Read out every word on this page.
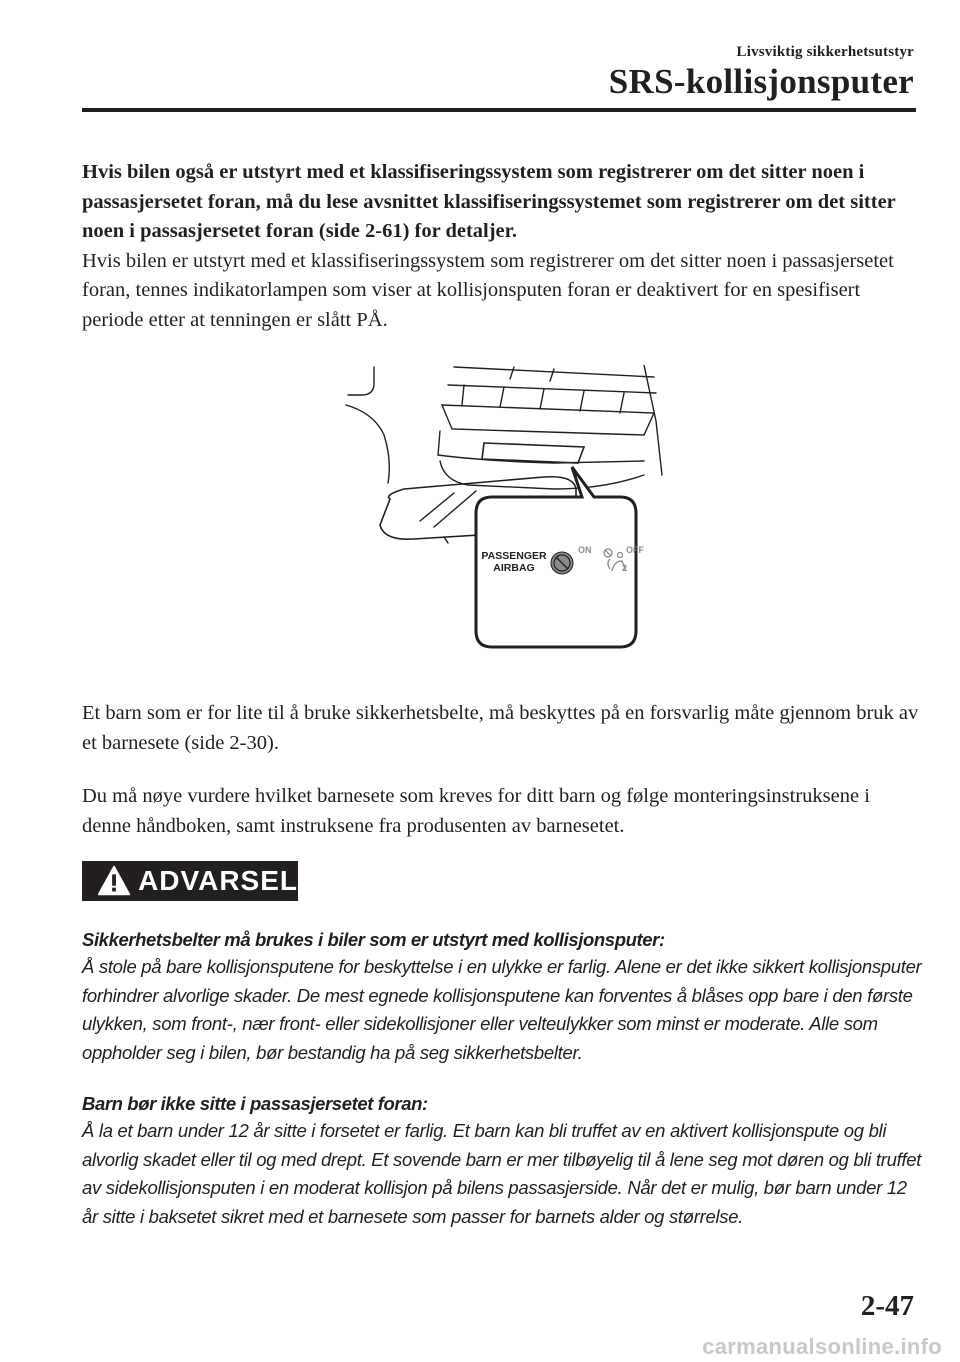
Livsviktig sikkerhetsutstyr
SRS-kollisjonsputer

Hvis bilen også er utstyrt med et klassifiseringssystem som registrerer om det sitter noen i passasjersetet foran, må du lese avsnittet klassifiseringssystemet som registrerer om det sitter noen i passasjersetet foran (side 2-61) for detaljer.

Hvis bilen er utstyrt med et klassifiseringssystem som registrerer om det sitter noen i passasjersetet foran, tennes indikatorlampen som viser at kollisjonsputen foran er deaktivert for en spesifisert periode etter at tenningen er slått PÅ.

PASSENGER
AIRBAG
ON	OFF
2

Et barn som er for lite til å bruke sikkerhetsbelte, må beskyttes på en forsvarlig måte gjennom bruk av et barnesete (side 2-30).

Du må nøye vurdere hvilket barnesete som kreves for ditt barn og følge monteringsinstruksene i denne håndboken, samt instruksene fra produsenten av barnesetet.

ADVARSEL

Sikkerhetsbelter må brukes i biler som er utstyrt med kollisjonsputer:

Å stole på bare kollisjonsputene for beskyttelse i en ulykke er farlig. Alene er det ikke sikkert kollisjonsputer forhindrer alvorlige skader. De mest egnede kollisjonsputene kan forventes å blåses opp bare i den første ulykken, som front-, nær front- eller sidekollisjoner eller velteulykker som minst er moderate. Alle som oppholder seg i bilen, bør bestandig ha på seg sikkerhetsbelter.

Barn bør ikke sitte i passasjersetet foran:

Å la et barn under 12 år sitte i forsetet er farlig. Et barn kan bli truffet av en aktivert kollisjonspute og bli alvorlig skadet eller til og med drept. Et sovende barn er mer tilbøyelig til å lene seg mot døren og bli truffet av sidekollisjonsputen i en moderat kollisjon på bilens passasjerside. Når det er mulig, bør barn under 12 år sitte i baksetet sikret med et barnesete som passer for barnets alder og størrelse.

2-47
carmanualsonline.info
